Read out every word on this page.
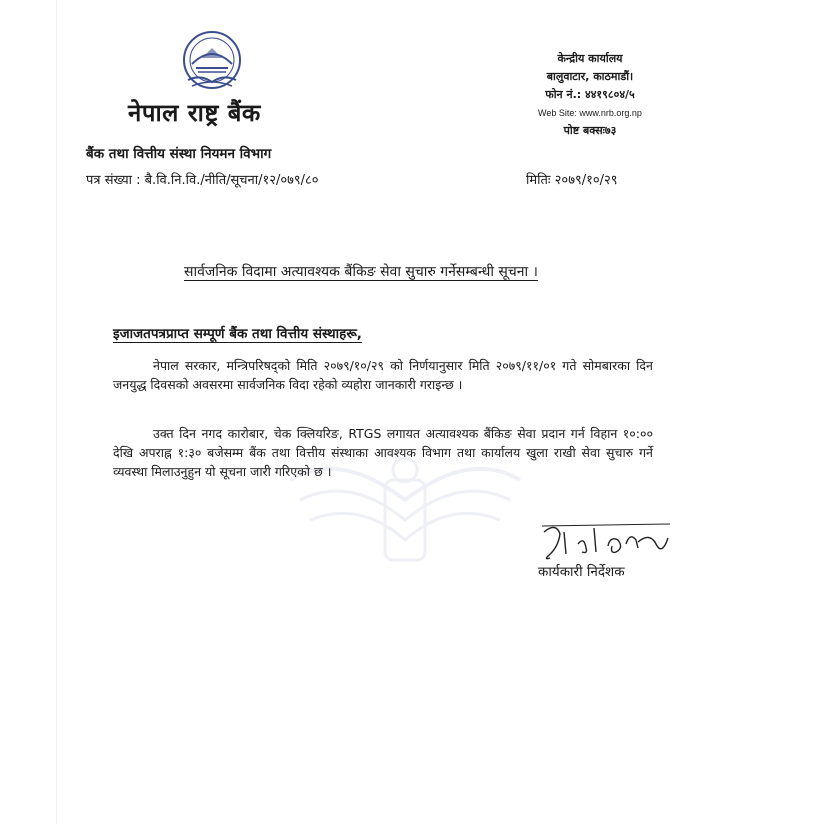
नेपाल राष्ट्र बैंक
केन्द्रीय कार्यालय
बालुवाटार, काठमाडौं।
फोन नं.: ४४१९८०४/५
Web Site: www.nrb.org.np
पोष्ट बक्सः७३
बैंक तथा वित्तीय संस्था नियमन विभाग
पत्र संख्या : बै.वि.नि.वि./नीति/सूचना/१२/०७९/८०	मितिः २०७९/१०/२९
सार्वजनिक विदामा अत्यावश्यक बैंकिङ सेवा सुचारु गर्नेसम्बन्धी सूचना ।
इजाजतपत्रप्राप्त सम्पूर्ण बैंक तथा वित्तीय संस्थाहरू,
नेपाल सरकार, मन्त्रिपरिषद्को मिति २०७९/१०/२९ को निर्णयानुसार मिति २०७९/११/०१ गते सोमबारका दिन जनयुद्ध दिवसको अवसरमा सार्वजनिक विदा रहेको व्यहोरा जानकारी गराइन्छ ।
उक्त दिन नगद कारोबार, चेक क्लियरिङ, RTGS लगायत अत्यावश्यक बैंकिङ सेवा प्रदान गर्न विहान १०:०० देखि अपराह्न १:३० बजेसम्म बैंक तथा वित्तीय संस्थाका आवश्यक विभाग तथा कार्यालय खुला राखी सेवा सुचारु गर्ने व्यवस्था मिलाउनुहुन यो सूचना जारी गरिएको छ ।
कार्यकारी निर्देशक
